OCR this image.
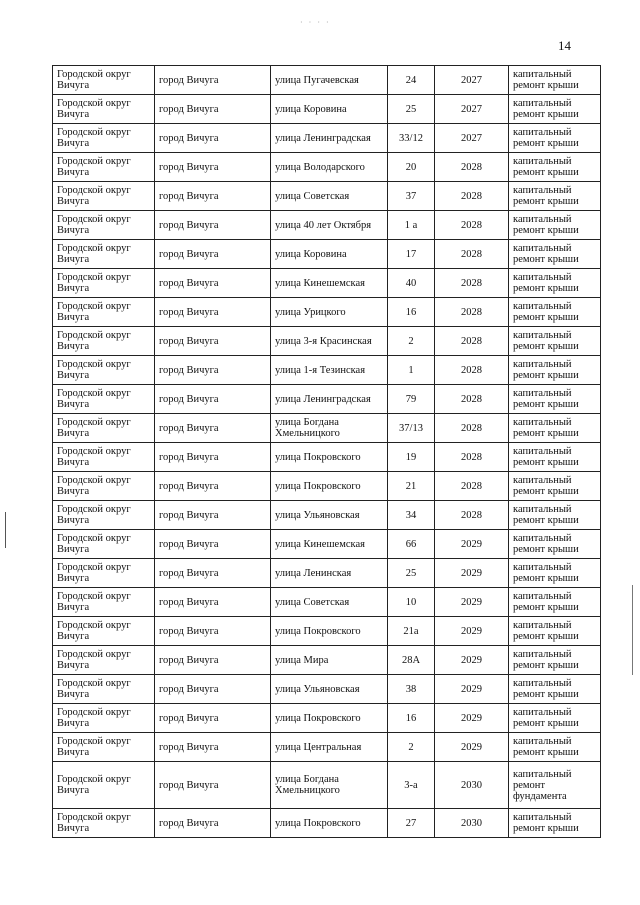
· · · ·
14
Городской округ Вичуга	город Вичуга	улица Пугачевская	24	2027	капитальный ремонт крыши
Городской округ Вичуга	город Вичуга	улица Коровина	25	2027	капитальный ремонт крыши
Городской округ Вичуга	город Вичуга	улица Ленинградская	33/12	2027	капитальный ремонт крыши
Городской округ Вичуга	город Вичуга	улица Володарского	20	2028	капитальный ремонт крыши
Городской округ Вичуга	город Вичуга	улица Советская	37	2028	капитальный ремонт крыши
Городской округ Вичуга	город Вичуга	улица 40 лет Октября	1 а	2028	капитальный ремонт крыши
Городской округ Вичуга	город Вичуга	улица Коровина	17	2028	капитальный ремонт крыши
Городской округ Вичуга	город Вичуга	улица Кинешемская	40	2028	капитальный ремонт крыши
Городской округ Вичуга	город Вичуга	улица Урицкого	16	2028	капитальный ремонт крыши
Городской округ Вичуга	город Вичуга	улица 3-я Красинская	2	2028	капитальный ремонт крыши
Городской округ Вичуга	город Вичуга	улица 1-я Тезинская	1	2028	капитальный ремонт крыши
Городской округ Вичуга	город Вичуга	улица Ленинградская	79	2028	капитальный ремонт крыши
Городской округ Вичуга	город Вичуга	улица Богдана Хмельницкого	37/13	2028	капитальный ремонт крыши
Городской округ Вичуга	город Вичуга	улица Покровского	19	2028	капитальный ремонт крыши
Городской округ Вичуга	город Вичуга	улица Покровского	21	2028	капитальный ремонт крыши
Городской округ Вичуга	город Вичуга	улица Ульяновская	34	2028	капитальный ремонт крыши
Городской округ Вичуга	город Вичуга	улица Кинешемская	66	2029	капитальный ремонт крыши
Городской округ Вичуга	город Вичуга	улица Ленинская	25	2029	капитальный ремонт крыши
Городской округ Вичуга	город Вичуга	улица Советская	10	2029	капитальный ремонт крыши
Городской округ Вичуга	город Вичуга	улица Покровского	21а	2029	капитальный ремонт крыши
Городской округ Вичуга	город Вичуга	улица Мира	28А	2029	капитальный ремонт крыши
Городской округ Вичуга	город Вичуга	улица Ульяновская	38	2029	капитальный ремонт крыши
Городской округ Вичуга	город Вичуга	улица Покровского	16	2029	капитальный ремонт крыши
Городской округ Вичуга	город Вичуга	улица Центральная	2	2029	капитальный ремонт крыши
Городской округ Вичуга	город Вичуга	улица Богдана Хмельницкого	3-а	2030	капитальный ремонт фундамента
Городской округ Вичуга	город Вичуга	улица Покровского	27	2030	капитальный ремонт крыши
